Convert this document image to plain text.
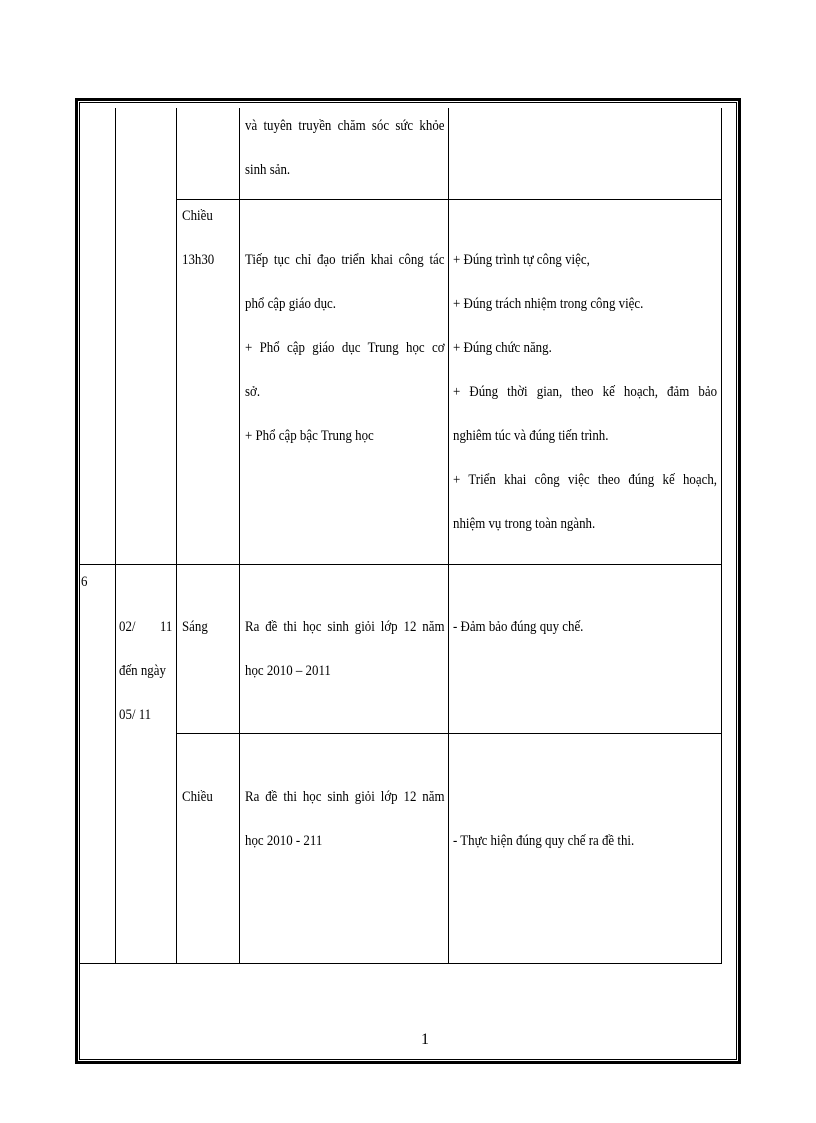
và tuyên truyền chăm sóc sức khỏe
sinh sản.
Chiều
13h30 Tiếp tục chỉ đạo triển khai công tác
phổ cập giáo dục.
+ Phổ cập giáo dục Trung học cơ
sở.
+ Phổ cập bậc Trung học
+ Đúng trình tự công việc,
+ Đúng trách nhiệm trong công việc.
+ Đúng chức năng.
+ Đúng thời gian, theo kế hoạch, đảm bảo
nghiêm túc và đúng tiến trình.
+ Triển khai công việc theo đúng kế hoạch,
nhiệm vụ trong toàn ngành.
6
02/ 11
đến ngày
05/ 11
Sáng Ra đề thi học sinh giỏi lớp 12 năm
học 2010 – 2011
- Đảm bảo đúng quy chế.
Chiều Ra đề thi học sinh giỏi lớp 12 năm
học 2010 - 211	- Thực hiện đúng quy chế ra đề thi.
1
